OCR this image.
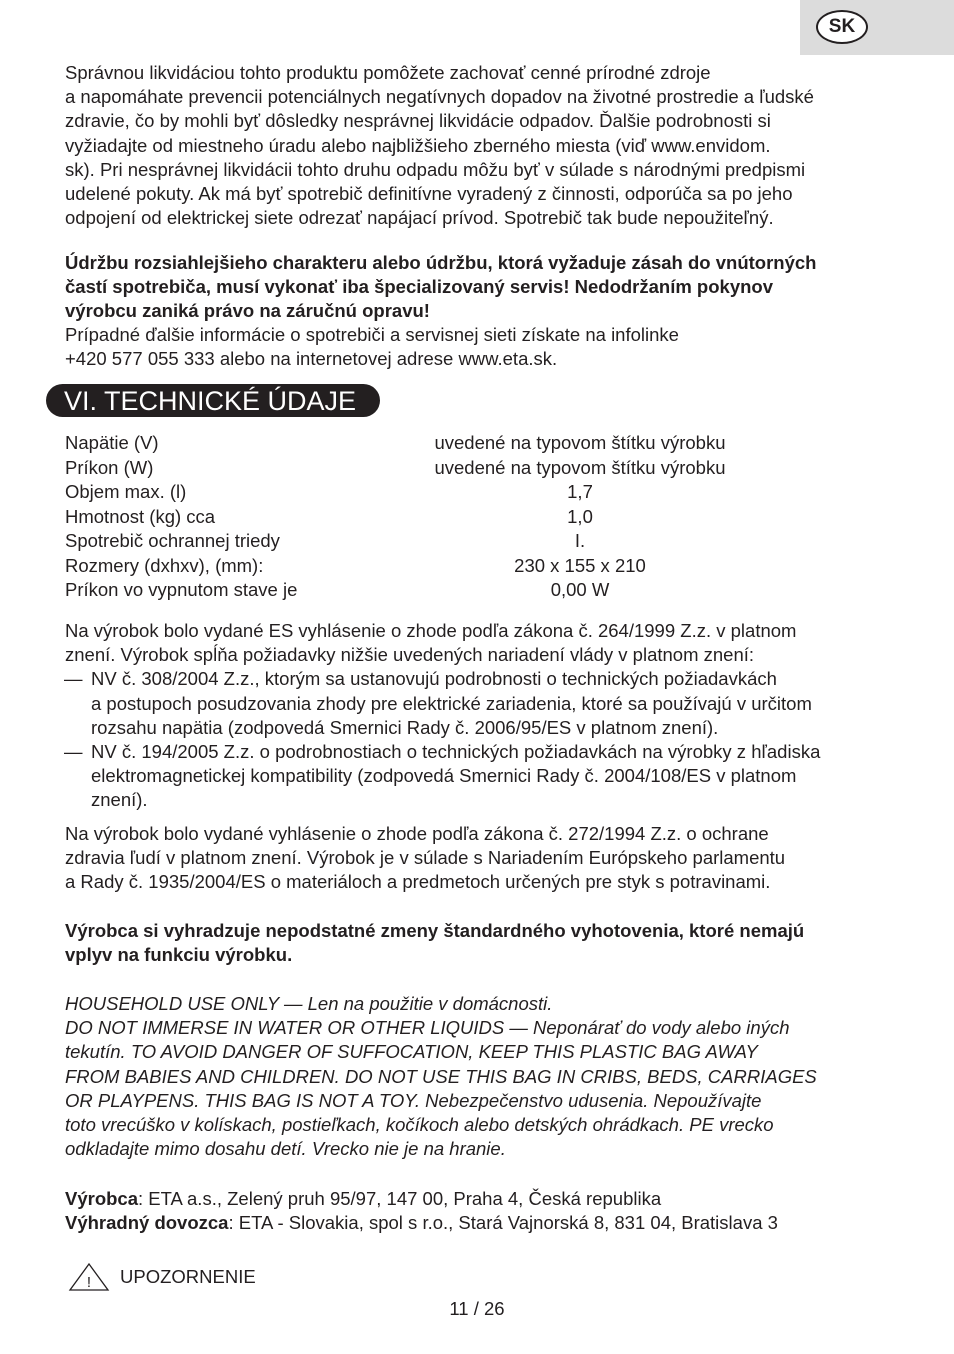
SK

Správnou likvidáciou tohto produktu pomôžete zachovať cenné prírodné zdroje

a napomáhate prevencii potenciálnych negatívnych dopadov na životné prostredie a ľudské

zdravie, čo by mohli byť dôsledky nesprávnej likvidácie odpadov. Ďalšie podrobnosti si

vyžiadajte od miestneho úradu alebo najbližšieho zberného miesta (viď www.envidom.

sk). Pri nesprávnej likvidácii tohto druhu odpadu môžu byť v súlade s národnými predpismi

udelené pokuty. Ak má byť spotrebič definitívne vyradený z činnosti, odporúča sa po jeho

odpojení od elektrickej siete odrezať napájací prívod. Spotrebič tak bude nepoužiteľný.

Údržbu rozsiahlejšieho charakteru alebo údržbu, ktorá vyžaduje zásah do vnútorných

častí spotrebiča, musí vykonať iba špecializovaný servis! Nedodržaním pokynov

výrobcu zaniká právo na záručnú opravu!

Prípadné ďalšie informácie o spotrebiči a servisnej sieti získate na infolinke

+420 577 055 333 alebo na internetovej adrese www.eta.sk.

VI. TECHNICKÉ ÚDAJE
Napätie (V)	uvedené na typovom štítku výrobku
Príkon (W)	uvedené na typovom štítku výrobku
Objem max. (l)	1,7
Hmotnost (kg) cca	1,0
Spotrebič ochrannej triedy	I.
Rozmery (dxhxv), (mm):	230 x 155 x 210
Príkon vo vypnutom stave je	0,00 W

Na výrobok bolo vydané ES vyhlásenie o zhode podľa zákona č. 264/1999 Z.z. v platnom

znení. Výrobok spĺňa požiadavky nižšie uvedených nariadení vlády v platnom znení:

— NV č. 308/2004 Z.z., ktorým sa ustanovujú podrobnosti o technických požiadavkách

a postupoch posudzovania zhody pre elektrické zariadenia, ktoré sa používajú v určitom

rozsahu napätia (zodpovedá Smernici Rady č. 2006/95/ES v platnom znení).

— NV č. 194/2005 Z.z. o podrobnostiach o technických požiadavkách na výrobky z hľadiska

elektromagnetickej kompatibility (zodpovedá Smernici Rady č. 2004/108/ES v platnom

znení).

Na výrobok bolo vydané vyhlásenie o zhode podľa zákona č. 272/1994 Z.z. o ochrane

zdravia ľudí v platnom znení. Výrobok je v súlade s Nariadením Európskeho parlamentu

a Rady č. 1935/2004/ES o materiáloch a predmetoch určených pre styk s potravinami.

Výrobca si vyhradzuje nepodstatné zmeny štandardného vyhotovenia, ktoré nemajú

vplyv na funkciu výrobku.

HOUSEHOLD USE ONLY — Len na použitie v domácnosti.

DO NOT IMMERSE IN WATER OR OTHER LIQUIDS — Neponárať do vody alebo iných

tekutín. TO AVOID DANGER OF SUFFOCATION, KEEP THIS PLASTIC BAG AWAY

FROM BABIES AND CHILDREN. DO NOT USE THIS BAG IN CRIBS, BEDS, CARRIAGES

OR PLAYPENS. THIS BAG IS NOT A TOY. Nebezpečenstvo udusenia. Nepoužívajte

toto vrecúško v kolískach, postieľkach, kočíkoch alebo detských ohrádkach. PE vrecko

odkladajte mimo dosahu detí. Vrecko nie je na hranie.

Výrobca: ETA a.s., Zelený pruh 95/97, 147 00, Praha 4, Česká republika

Výhradný dovozca: ETA - Slovakia, spol s r.o., Stará Vajnorská 8, 831 04, Bratislava 3

! UPOZORNENIE
11 / 26
